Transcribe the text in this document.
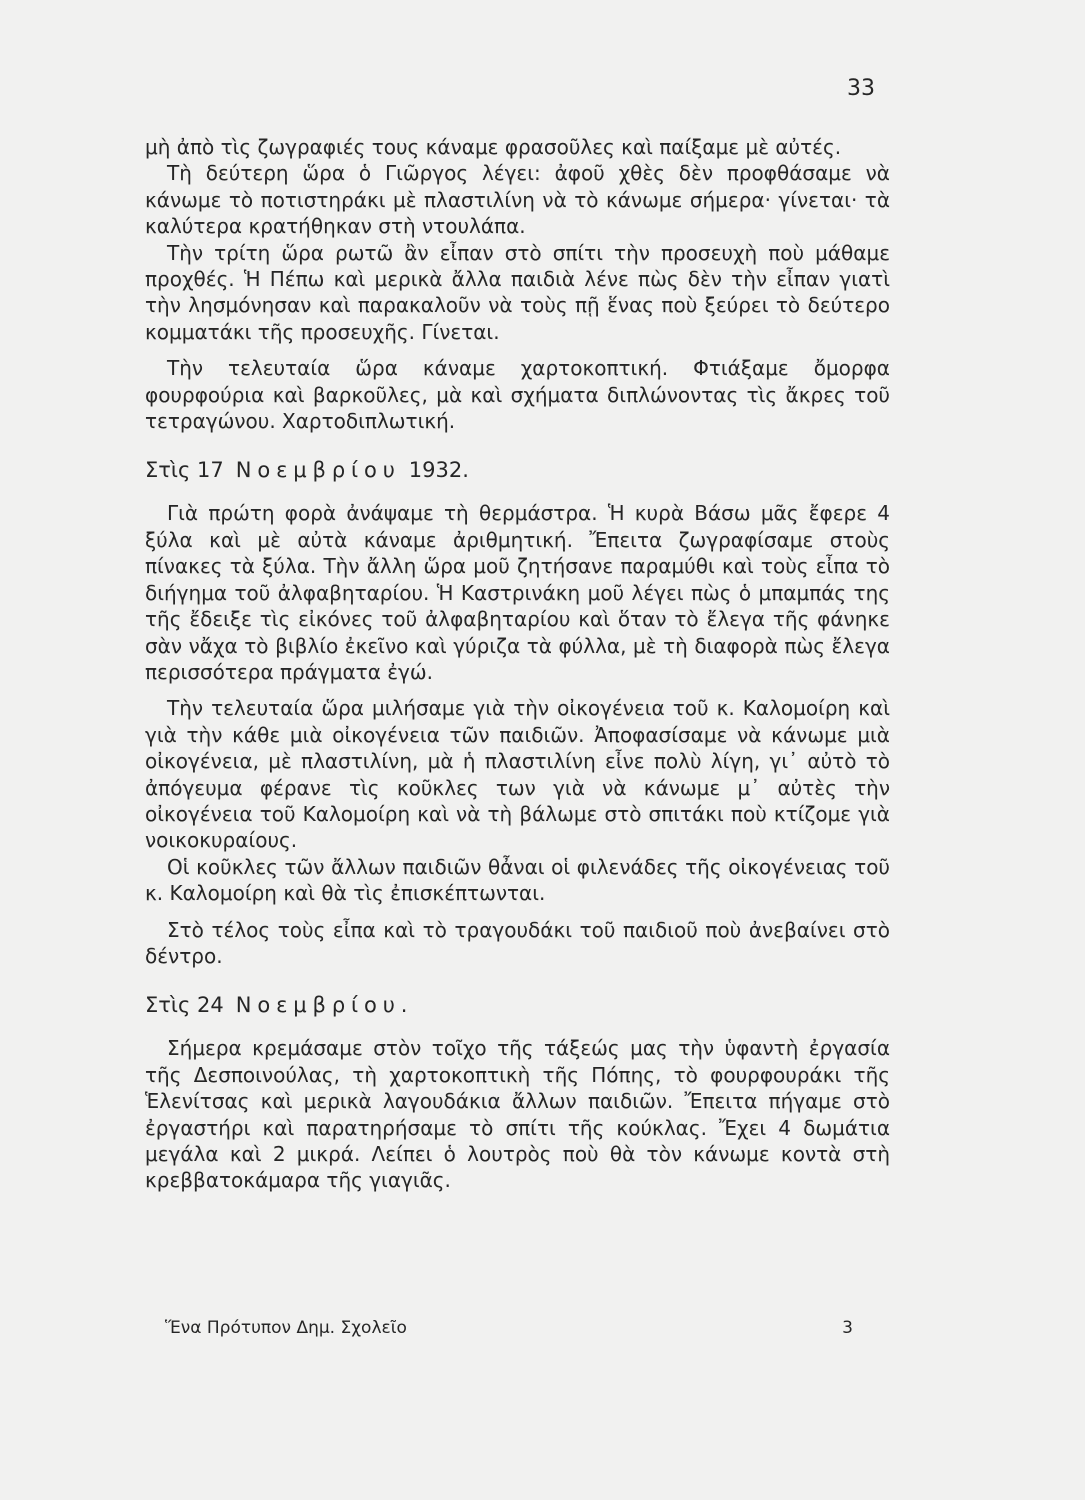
33

μὴ ἀπὸ τὶς ζωγραφιές τους κάναμε φρασοῦλες καὶ παίξαμε μὲ αὐτές.

Τὴ δεύτερη ὥρα ὁ Γιῶργος λέγει: ἀφοῦ χθὲς δὲν προφθάσαμε νὰ κάνωμε τὸ ποτιστηράκι μὲ πλαστιλίνη νὰ τὸ κάνωμε σήμερα· γίνεται· τὰ καλύτερα κρατήθηκαν στὴ ντουλάπα.

Τὴν τρίτη ὥρα ρωτῶ ἂν εἶπαν στὸ σπίτι τὴν προσευχὴ ποὺ μάθαμε προχθές. Ἡ Πέπω καὶ μερικὰ ἄλλα παιδιὰ λένε πὼς δὲν τὴν εἶπαν γιατὶ τὴν λησμόνησαν καὶ παρακαλοῦν νὰ τοὺς πῇ ἕνας ποὺ ξεύρει τὸ δεύτερο κομματάκι τῆς προσευχῆς. Γίνεται.

Τὴν τελευταία ὥρα κάναμε χαρτοκοπτική. Φτιάξαμε ὄμορφα φουρφούρια καὶ βαρκοῦλες, μὰ καὶ σχήματα διπλώνοντας τὶς ἄκρες τοῦ τετραγώνου. Χαρτοδιπλωτική.

Στὶς 17 Νοεμβρίου 1932.

Γιὰ πρώτη φορὰ ἀνάψαμε τὴ θερμάστρα. Ἡ κυρὰ Βάσω μᾶς ἔφερε 4 ξύλα καὶ μὲ αὐτὰ κάναμε ἀριθμητική. Ἔπειτα ζωγραφίσαμε στοὺς πίνακες τὰ ξύλα. Τὴν ἄλλη ὥρα μοῦ ζητήσανε παραμύθι καὶ τοὺς εἶπα τὸ διήγημα τοῦ ἀλφαβηταρίου. Ἡ Καστρινάκη μοῦ λέγει πὼς ὁ μπαμπάς της τῆς ἔδειξε τὶς εἰκόνες τοῦ ἀλφαβηταρίου καὶ ὅταν τὸ ἔλεγα τῆς φάνηκε σὰν νἄχα τὸ βιβλίο ἐκεῖνο καὶ γύριζα τὰ φύλλα, μὲ τὴ διαφορὰ πὼς ἔλεγα περισσότερα πράγματα ἐγώ.

Τὴν τελευταία ὥρα μιλήσαμε γιὰ τὴν οἰκογένεια τοῦ κ. Καλομοίρη καὶ γιὰ τὴν κάθε μιὰ οἰκογένεια τῶν παιδιῶν. Ἀποφασίσαμε νὰ κάνωμε μιὰ οἰκογένεια, μὲ πλαστιλίνη, μὰ ἡ πλαστιλίνη εἶνε πολὺ λίγη, γι᾿ αὐτὸ τὸ ἀπόγευμα φέρανε τὶς κοῦκλες των γιὰ νὰ κάνωμε μ᾿ αὐτὲς τὴν οἰκογένεια τοῦ Καλομοίρη καὶ νὰ τὴ βάλωμε στὸ σπιτάκι ποὺ κτίζομε γιὰ νοικοκυραίους.

Οἱ κοῦκλες τῶν ἄλλων παιδιῶν θἆναι οἱ φιλενάδες τῆς οἰκογένειας τοῦ κ. Καλομοίρη καὶ θὰ τὶς ἐπισκέπτωνται.

Στὸ τέλος τοὺς εἶπα καὶ τὸ τραγουδάκι τοῦ παιδιοῦ ποὺ ἀνεβαίνει στὸ δέντρο.

Στὶς 24 Νοεμβρίου.

Σήμερα κρεμάσαμε στὸν τοῖχο τῆς τάξεώς μας τὴν ὑφαντὴ ἐργασία τῆς Δεσποινούλας, τὴ χαρτοκοπτικὴ τῆς Πόπης, τὸ φουρφουράκι τῆς Ἑλενίτσας καὶ μερικὰ λαγουδάκια ἄλλων παιδιῶν. Ἔπειτα πήγαμε στὸ ἐργαστήρι καὶ παρατηρήσαμε τὸ σπίτι τῆς κούκλας. Ἔχει 4 δωμάτια μεγάλα καὶ 2 μικρά. Λείπει ὁ λουτρὸς ποὺ θὰ τὸν κάνωμε κοντὰ στὴ κρεββατοκάμαρα τῆς γιαγιᾶς.

Ἕνα Πρότυπον Δημ. Σχολεῖο	3
